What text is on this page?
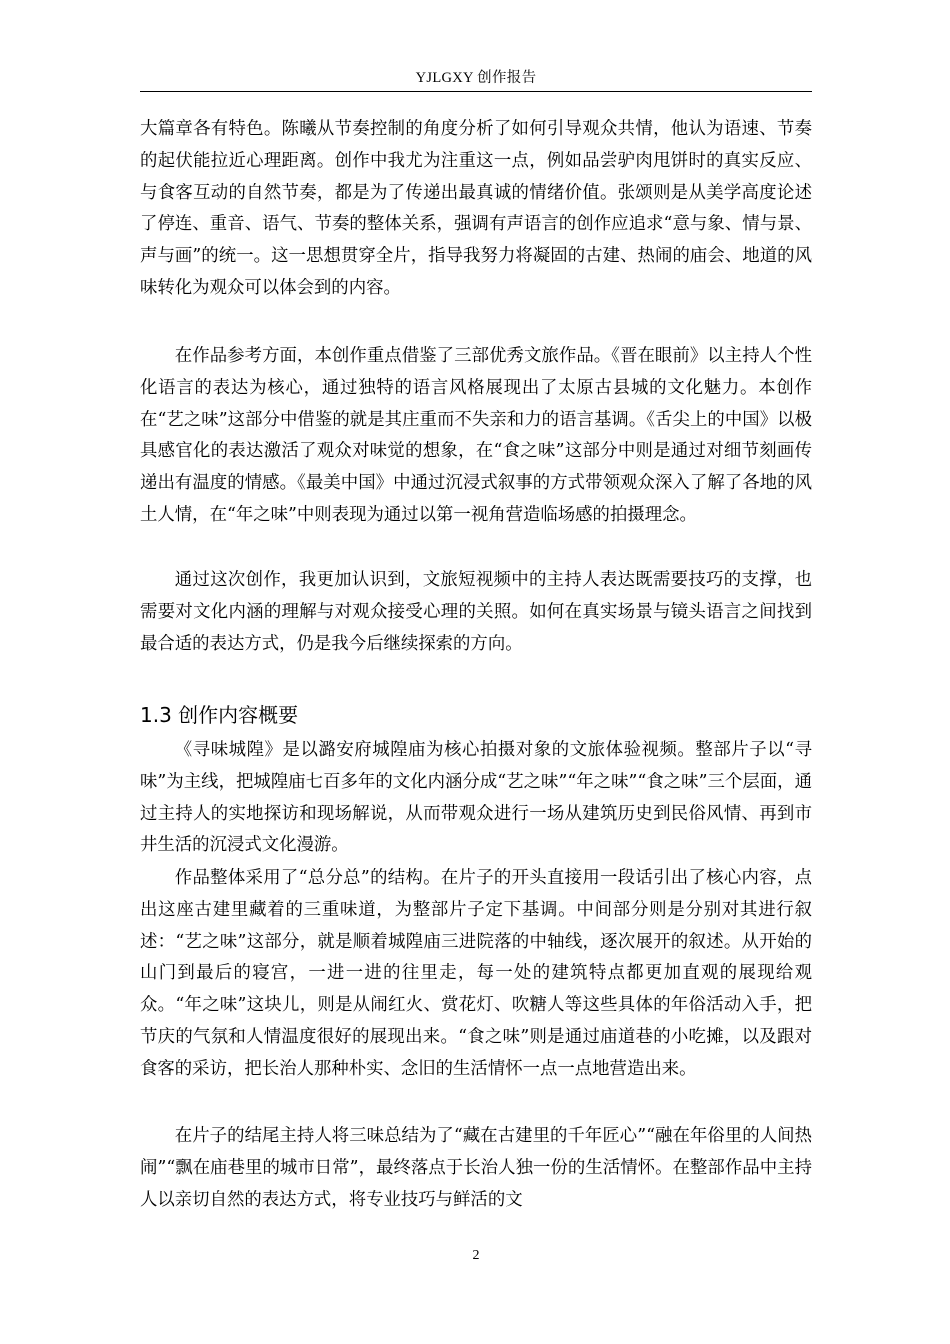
YJLGXY 创作报告

大篇章各有特色。陈曦从节奏控制的角度分析了如何引导观众共情，他认为语速、节奏的起伏能拉近心理距离。创作中我尤为注重这一点，例如品尝驴肉甩饼时的真实反应、与食客互动的自然节奏，都是为了传递出最真诚的情绪价值。张颂则是从美学高度论述了停连、重音、语气、节奏的整体关系，强调有声语言的创作应追求“意与象、情与景、声与画”的统一。这一思想贯穿全片，指导我努力将凝固的古建、热闹的庙会、地道的风味转化为观众可以体会到的内容。

在作品参考方面，本创作重点借鉴了三部优秀文旅作品。《晋在眼前》以主持人个性化语言的表达为核心，通过独特的语言风格展现出了太原古县城的文化魅力。本创作在“艺之味”这部分中借鉴的就是其庄重而不失亲和力的语言基调。《舌尖上的中国》以极具感官化的表达激活了观众对味觉的想象，在“食之味”这部分中则是通过对细节刻画传递出有温度的情感。《最美中国》中通过沉浸式叙事的方式带领观众深入了解了各地的风土人情，在“年之味”中则表现为通过以第一视角营造临场感的拍摄理念。

通过这次创作，我更加认识到，文旅短视频中的主持人表达既需要技巧的支撑，也需要对文化内涵的理解与对观众接受心理的关照。如何在真实场景与镜头语言之间找到最合适的表达方式，仍是我今后继续探索的方向。

《寻味城隍》是以潞安府城隍庙为核心拍摄对象的文旅体验视频。整部片子以“寻味”为主线，把城隍庙七百多年的文化内涵分成“艺之味”“年之味”“食之味”三个层面，通过主持人的实地探访和现场解说，从而带观众进行一场从建筑历史到民俗风情、再到市井生活的沉浸式文化漫游。

作品整体采用了“总分总”的结构。在片子的开头直接用一段话引出了核心内容，点出这座古建里藏着的三重味道，为整部片子定下基调。中间部分则是分别对其进行叙述：“艺之味”这部分，就是顺着城隍庙三进院落的中轴线，逐次展开的叙述。从开始的山门到最后的寝宫，一进一进的往里走，每一处的建筑特点都更加直观的展现给观众。“年之味”这块儿，则是从闹红火、赏花灯、吹糖人等这些具体的年俗活动入手，把节庆的气氛和人情温度很好的展现出来。“食之味”则是通过庙道巷的小吃摊，以及跟对食客的采访，把长治人那种朴实、念旧的生活情怀一点一点地营造出来。

在片子的结尾主持人将三味总结为了“藏在古建里的千年匠心”“融在年俗里的人间热闹”“飘在庙巷里的城市日常”，最终落点于长治人独一份的生活情怀。在整部作品中主持人以亲切自然的表达方式，将专业技巧与鲜活的文

1.3 创作内容概要
2
